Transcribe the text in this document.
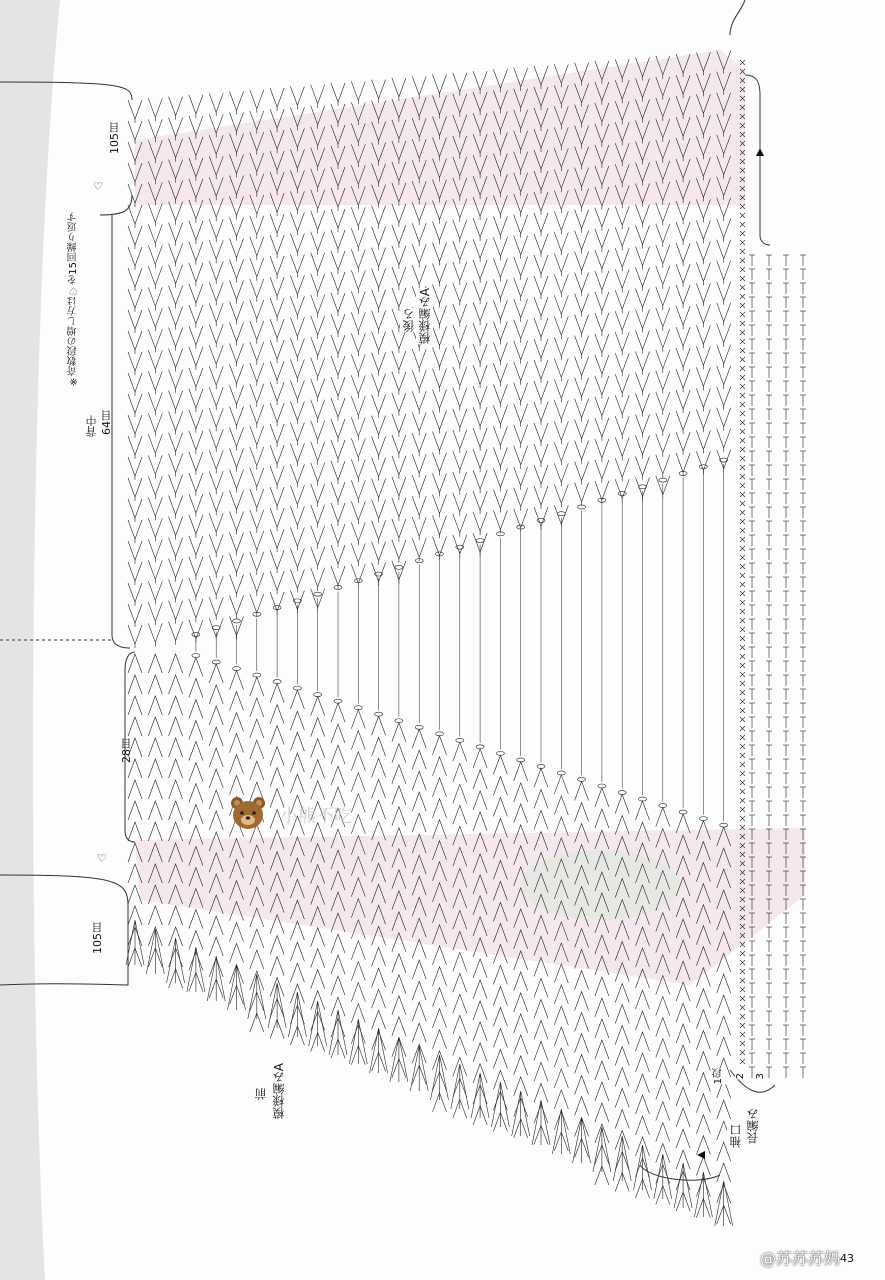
♡
♡
※奇数段の増し方は♡を15回繰り返す
背中 64目
105目
28目
105目
後ろ 模様編みA
前 模様編みA
袖口 長編み
1段 2 3
43
@苏苏苏妈
小熊不吃
